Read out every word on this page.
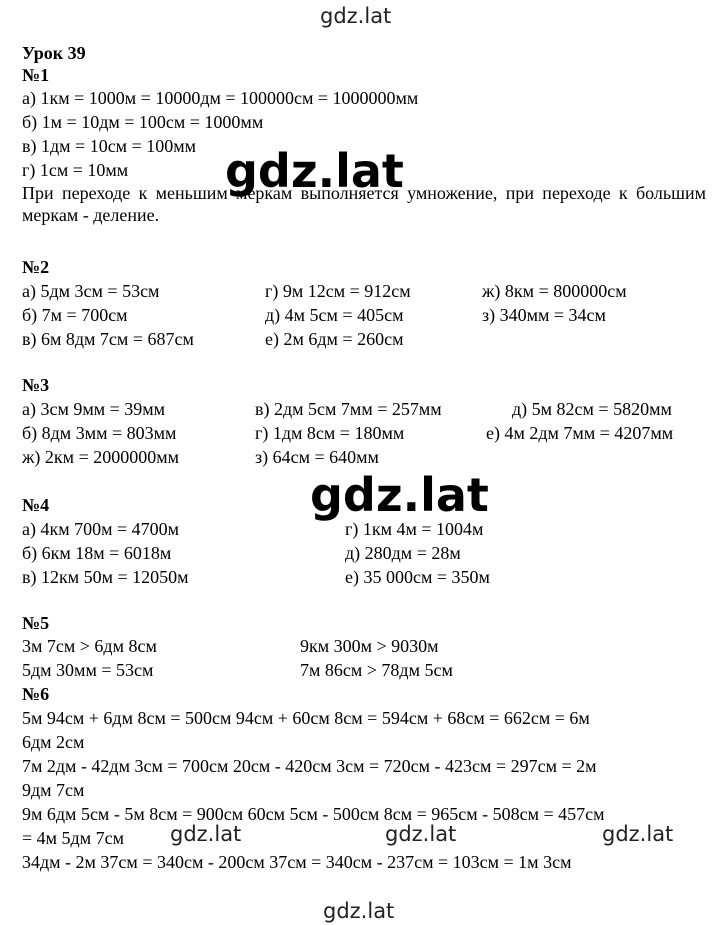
gdz.lat
Урок 39
№1
а) 1км = 1000м = 10000дм = 100000см = 1000000мм
б) 1м = 10дм = 100см = 1000мм
в) 1дм = 10см = 100мм
г) 1см = 10мм
При переходе к меньшим меркам выполняется умножение, при переходе к большим меркам - деление.
gdz.lat
№2
а) 5дм 3см = 53см
б) 7м = 700см
в) 6м 8дм 7см = 687см
г) 9м 12см = 912см
д) 4м 5см = 405см
е) 2м 6дм = 260см
ж) 8км = 800000см
з) 340мм = 34см
№3
а) 3см 9мм = 39мм
б) 8дм 3мм = 803мм
ж) 2км = 2000000мм
в) 2дм 5см 7мм = 257мм
г) 1дм 8см = 180мм
з) 64см = 640мм
д) 5м 82см = 5820мм
е) 4м 2дм 7мм = 4207мм
gdz.lat
№4
а) 4км 700м = 4700м
б) 6км 18м = 6018м
в) 12км 50м = 12050м
г) 1км 4м = 1004м
д) 280дм = 28м
е) 35 000см = 350м
№5
3м 7см > 6дм 8см
5дм 30мм = 53см
9км 300м > 9030м
7м 86см > 78дм 5см
№6
5м 94см + 6дм 8см = 500см 94см + 60см 8см = 594см + 68см = 662см = 6м
6дм 2см
7м 2дм - 42дм 3см = 700см 20см - 420см 3см = 720см - 423см = 297см = 2м
9дм 7см
9м 6дм 5см - 5м 8см = 900см 60см 5см - 500см 8см = 965см - 508см = 457см
= 4м 5дм 7см
34дм - 2м 37см = 340см - 200см 37см = 340см - 237см = 103см = 1м 3см
gdz.lat	gdz.lat	gdz.lat
gdz.lat
